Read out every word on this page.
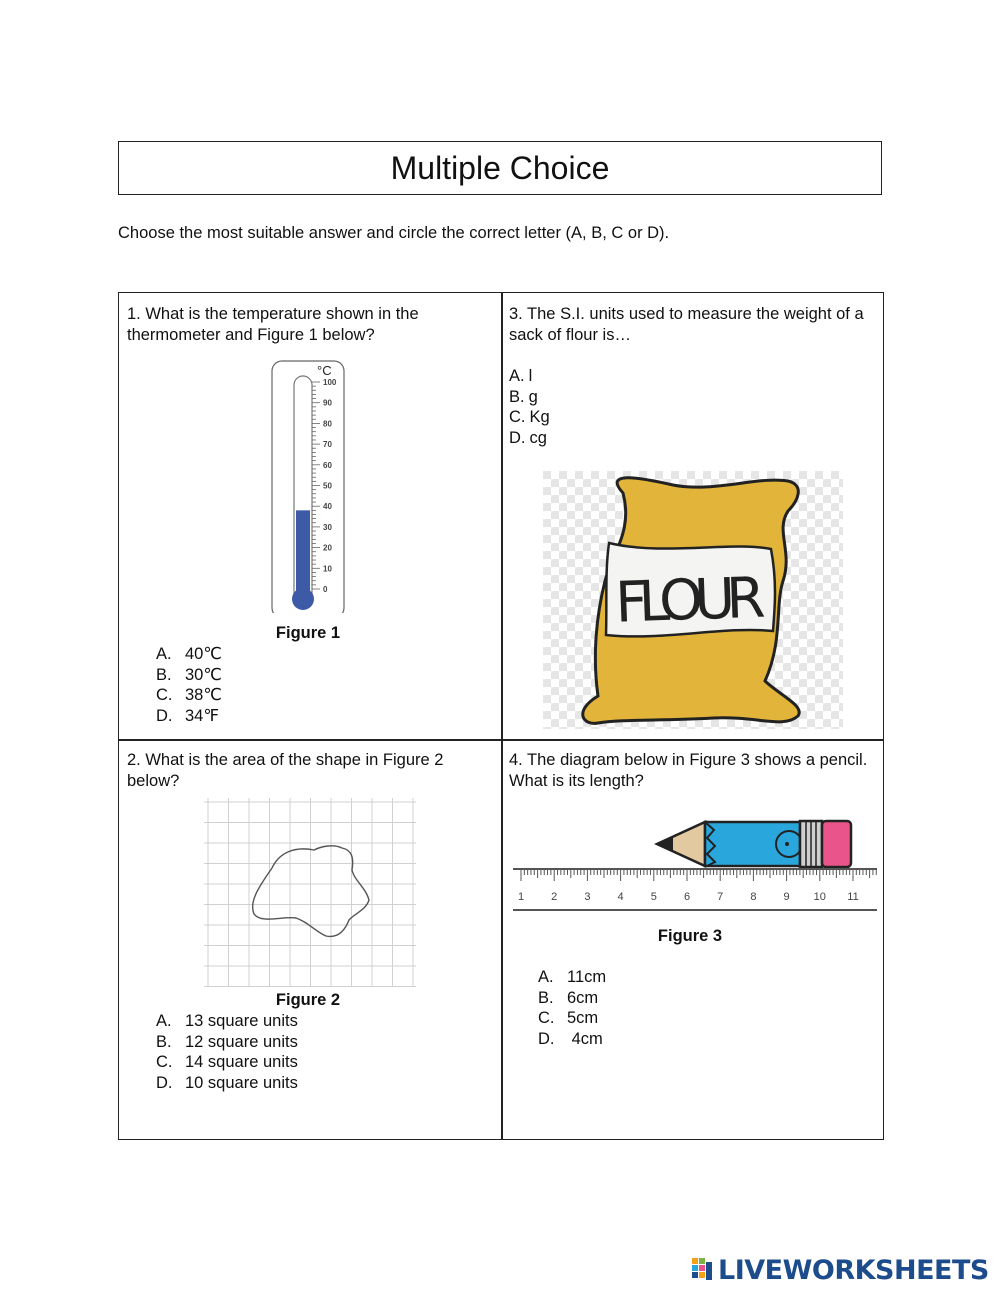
Multiple Choice
Choose the most suitable answer and circle the correct letter (A, B, C or D).

1. What is the temperature shown in the thermometer and Figure 1 below?

°C
100
90
80
70
60
50
40
30
20
10
0
Figure 1
A. 40℃
B. 30℃
C. 38℃
D. 34℉

3. The S.I. units used to measure the weight of a sack of flour is…

A. l
B. g
C. Kg
D. cg
FLOUR

2. What is the area of the shape in Figure 2 below?

Figure 2
A. 13 square units
B. 12 square units
C. 14 square units
D. 10 square units

4. The diagram below in Figure 3 shows a pencil. What is its length?

1 2 3 4 5 6 7 8 9 10 11
Figure 3
A. 11cm
B. 6cm
C. 5cm
D. 4cm
LIVEWORKSHEETS
